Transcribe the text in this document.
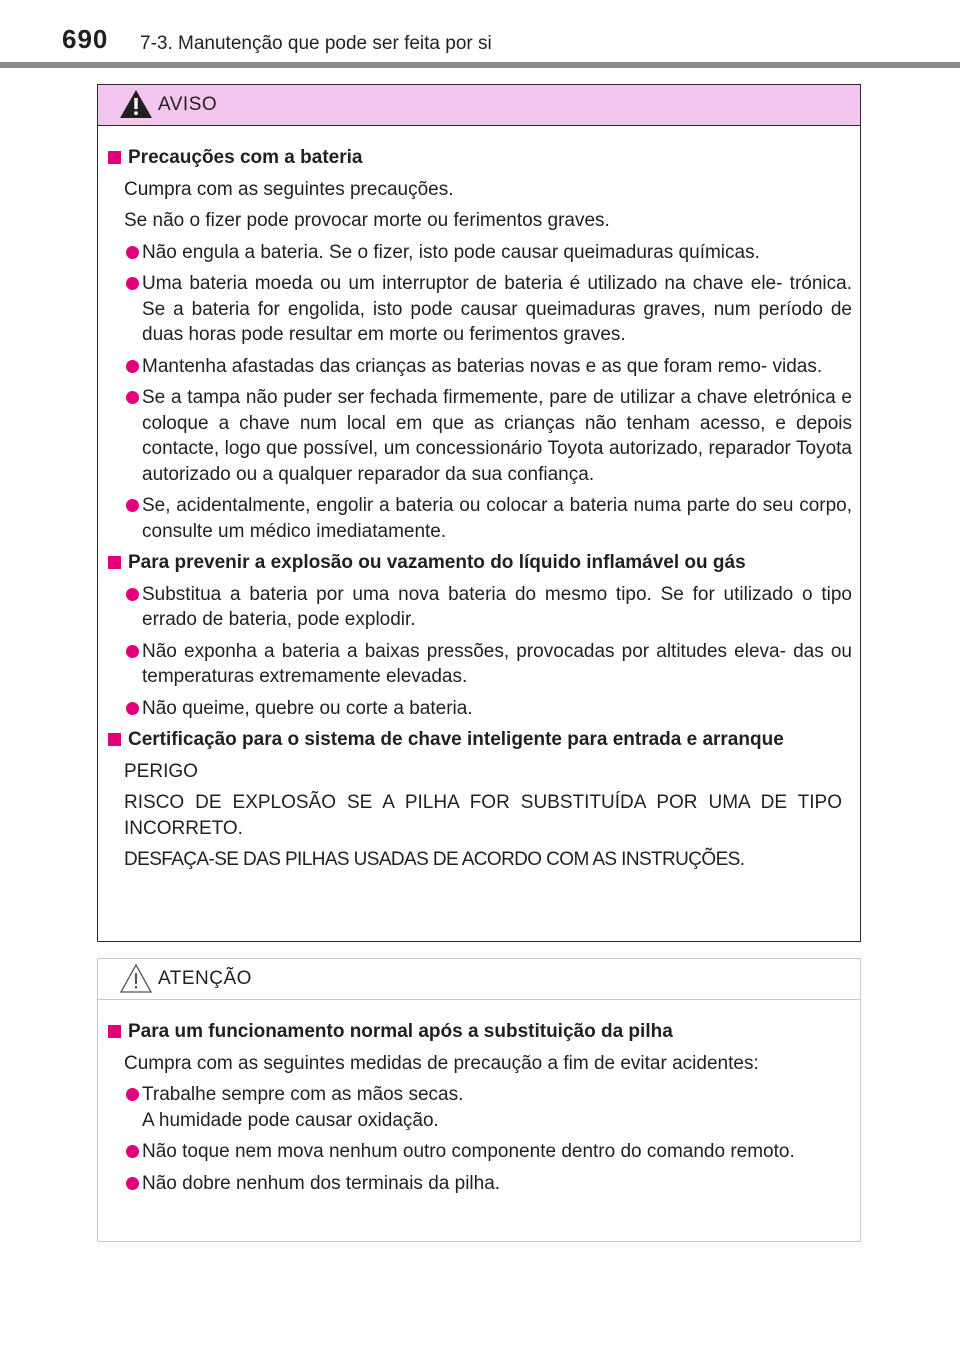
690 7-3. Manutenção que pode ser feita por si
AVISO
Precauções com a bateria
Cumpra com as seguintes precauções.
Se não o fizer pode provocar morte ou ferimentos graves.
Não engula a bateria. Se o fizer, isto pode causar queimaduras químicas.
Uma bateria moeda ou um interruptor de bateria é utilizado na chave ele- trónica. Se a bateria for engolida, isto pode causar queimaduras graves, num período de duas horas pode resultar em morte ou ferimentos graves.
Mantenha afastadas das crianças as baterias novas e as que foram remo- vidas.
Se a tampa não puder ser fechada firmemente, pare de utilizar a chave eletrónica e coloque a chave num local em que as crianças não tenham acesso, e depois contacte, logo que possível, um concessionário Toyota autorizado, reparador Toyota autorizado ou a qualquer reparador da sua confiança.
Se, acidentalmente, engolir a bateria ou colocar a bateria numa parte do seu corpo, consulte um médico imediatamente.
Para prevenir a explosão ou vazamento do líquido inflamável ou gás
Substitua a bateria por uma nova bateria do mesmo tipo. Se for utilizado o tipo errado de bateria, pode explodir.
Não exponha a bateria a baixas pressões, provocadas por altitudes eleva- das ou temperaturas extremamente elevadas.
Não queime, quebre ou corte a bateria.
Certificação para o sistema de chave inteligente para entrada e arranque
PERIGO
RISCO DE EXPLOSÃO SE A PILHA FOR SUBSTITUÍDA POR UMA DE TIPO INCORRETO.
DESFAÇA-SE DAS PILHAS USADAS DE ACORDO COM AS INSTRUÇÕES.
ATENÇÃO
Para um funcionamento normal após a substituição da pilha
Cumpra com as seguintes medidas de precaução a fim de evitar acidentes:
Trabalhe sempre com as mãos secas.
A humidade pode causar oxidação.
Não toque nem mova nenhum outro componente dentro do comando remoto.
Não dobre nenhum dos terminais da pilha.
